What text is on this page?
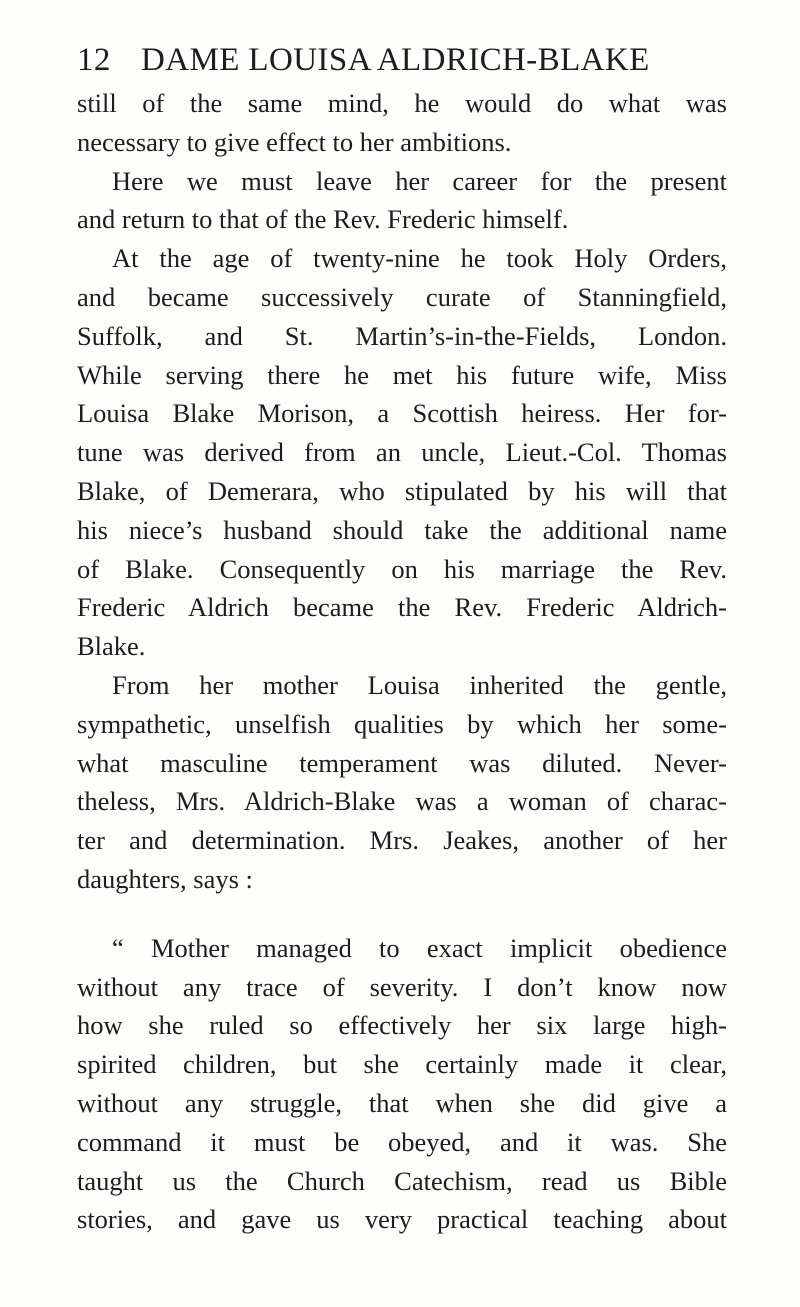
12 DAME LOUISA ALDRICH-BLAKE
still of the same mind, he would do what was
necessary to give effect to her ambitions.
Here we must leave her career for the present
and return to that of the Rev. Frederic himself.
At the age of twenty-nine he took Holy Orders,
and became successively curate of Stanningfield,
Suffolk, and St. Martin’s-in-the-Fields, London.
While serving there he met his future wife, Miss
Louisa Blake Morison, a Scottish heiress. Her for-
tune was derived from an uncle, Lieut.-Col. Thomas
Blake, of Demerara, who stipulated by his will that
his niece’s husband should take the additional name
of Blake. Consequently on his marriage the Rev.
Frederic Aldrich became the Rev. Frederic Aldrich-
Blake.
From her mother Louisa inherited the gentle,
sympathetic, unselfish qualities by which her some-
what masculine temperament was diluted. Never-
theless, Mrs. Aldrich-Blake was a woman of charac-
ter and determination. Mrs. Jeakes, another of her
daughters, says :
“ Mother managed to exact implicit obedience
without any trace of severity. I don’t know now
how she ruled so effectively her six large high-
spirited children, but she certainly made it clear,
without any struggle, that when she did give a
command it must be obeyed, and it was. She
taught us the Church Catechism, read us Bible
stories, and gave us very practical teaching about
